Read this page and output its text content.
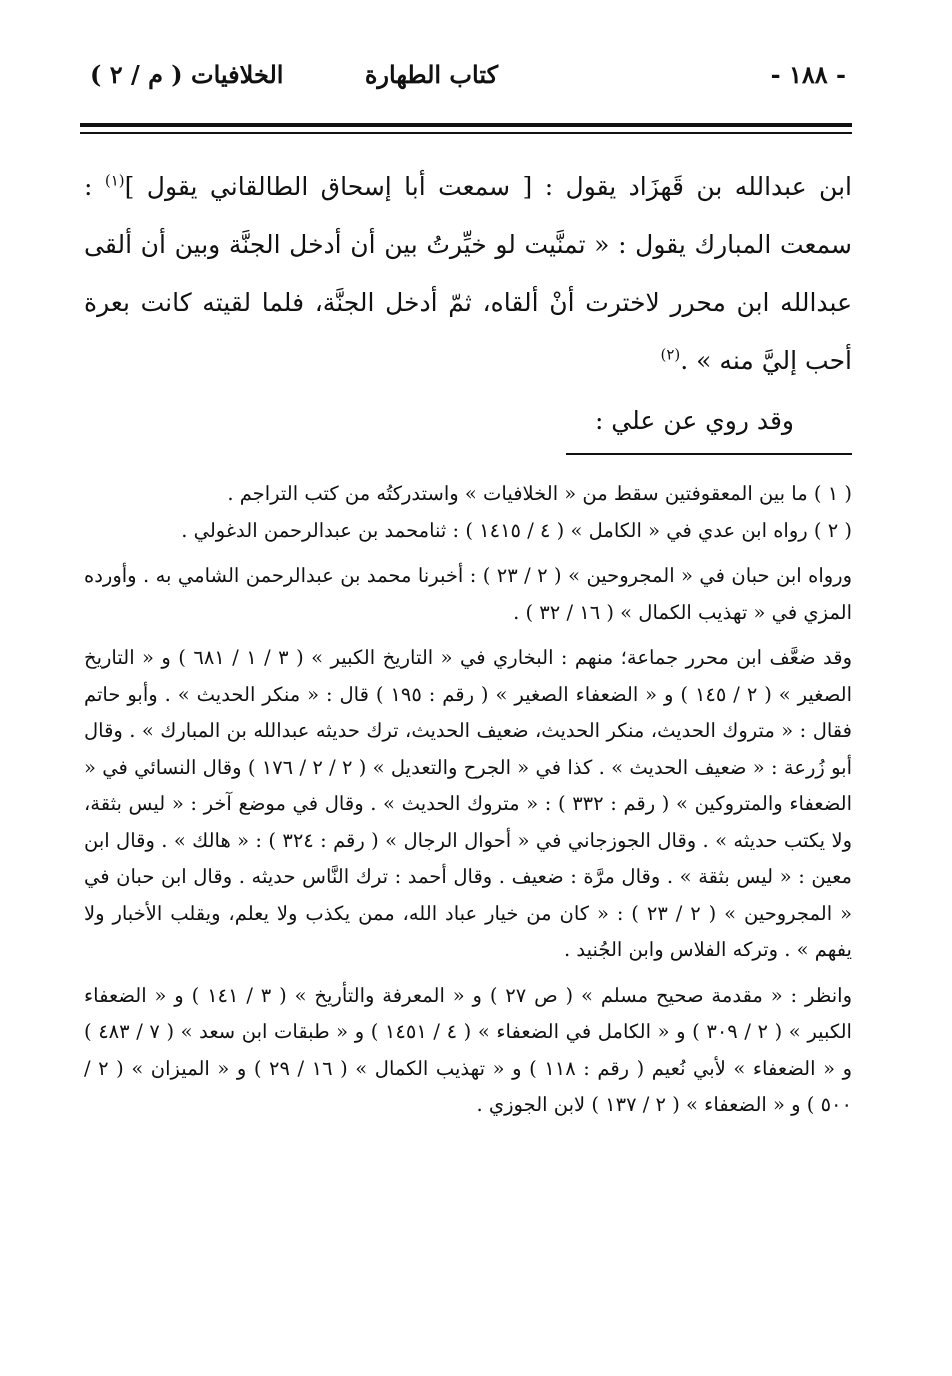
- ١٨٨ -
كتاب الطهارة
الخلافيات ( م / ٢ )

ابن عبدالله بن قَهزَاد يقول : [ سمعت أبا إسحاق الطالقاني يقول ]$^{(١)}$ : سمعت المبارك يقول : « تمنَّيت لو خيِّرتُ بين أن أدخل الجنَّة وبين أن ألقى عبدالله ابن محرر لاخترت أنْ ألقاه، ثمّ أدخل الجنَّة، فلما لقيته كانت بعرة أحب إليَّ منه » .$^{(٢)}$

وقد روي عن علي :

( ١ ) ما بين المعقوفتين سقط من « الخلافيات » واستدركتُه من كتب التراجم .

( ٢ ) رواه ابن عدي في « الكامل » ( ٤ / ١٤١٥ ) : ثنامحمد بن عبدالرحمن الدغولي .

ورواه ابن حبان في « المجروحين » ( ٢ / ٢٣ ) : أخبرنا محمد بن عبدالرحمن الشامي به . وأورده المزي في « تهذيب الكمال » ( ١٦ / ٣٢ ) .

وقد ضعَّف ابن محرر جماعة؛ منهم : البخاري في « التاريخ الكبير » ( ٣ / ١ / ٦٨١ ) و « التاريخ الصغير » ( ٢ / ١٤٥ ) و « الضعفاء الصغير » ( رقم : ١٩٥ ) قال : « منكر الحديث » . وأبو حاتم فقال : « متروك الحديث، منكر الحديث، ضعيف الحديث، ترك حديثه عبدالله بن المبارك » . وقال أبو زُرعة : « ضعيف الحديث » . كذا في « الجرح والتعديل » ( ٢ / ٢ / ١٧٦ ) وقال النسائي في « الضعفاء والمتروكين » ( رقم : ٣٣٢ ) : « متروك الحديث » . وقال في موضع آخر : « ليس بثقة، ولا يكتب حديثه » . وقال الجوزجاني في « أحوال الرجال » ( رقم : ٣٢٤ ) : « هالك » . وقال ابن معين : « ليس بثقة » . وقال مرَّة : ضعيف . وقال أحمد : ترك النَّاس حديثه . وقال ابن حبان في « المجروحين » ( ٢ / ٢٣ ) : « كان من خيار عباد الله، ممن يكذب ولا يعلم، ويقلب الأخبار ولا يفهم » . وتركه الفلاس وابن الجُنيد .

وانظر : « مقدمة صحيح مسلم » ( ص ٢٧ ) و « المعرفة والتأريخ » ( ٣ / ١٤١ ) و « الضعفاء الكبير » ( ٢ / ٣٠٩ ) و « الكامل في الضعفاء » ( ٤ / ١٤٥١ ) و « طبقات ابن سعد » ( ٧ / ٤٨٣ ) و « الضعفاء » لأبي نُعيم ( رقم : ١١٨ ) و « تهذيب الكمال » ( ١٦ / ٢٩ ) و « الميزان » ( ٢ / ٥٠٠ ) و « الضعفاء » ( ٢ / ١٣٧ ) لابن الجوزي .
